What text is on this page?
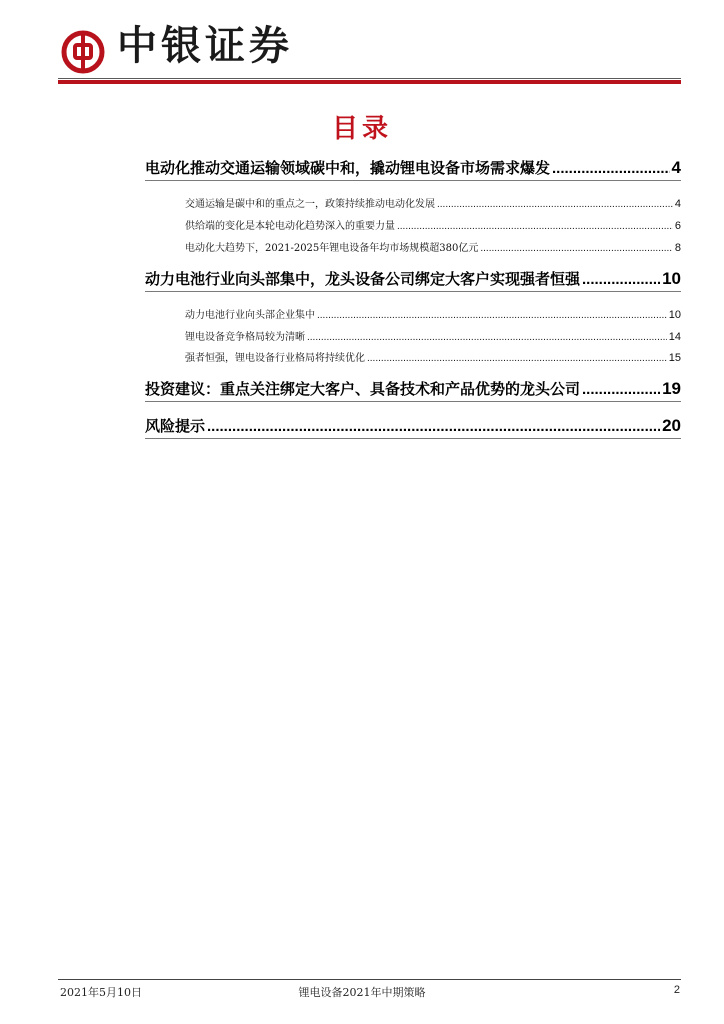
中银证券
目录
电动化推动交通运输领域碳中和，撬动锂电设备市场需求爆发 .....	4
交通运输是碳中和的重点之一，政策持续推动电动化发展 .....	4
供给端的变化是本轮电动化趋势深入的重要力量 .....	6
电动化大趋势下，2021-2025年锂电设备年均市场规模超380亿元 .....	8
动力电池行业向头部集中，龙头设备公司绑定大客户实现强者恒强 .....	10
动力电池行业向头部企业集中 .....	10
锂电设备竞争格局较为清晰 .....	14
强者恒强，锂电设备行业格局将持续优化 .....	15
投资建议：重点关注绑定大客户、具备技术和产品优势的龙头公司 .....	19
风险提示 .....	20
2021年5月10日	锂电设备2021年中期策略	2
